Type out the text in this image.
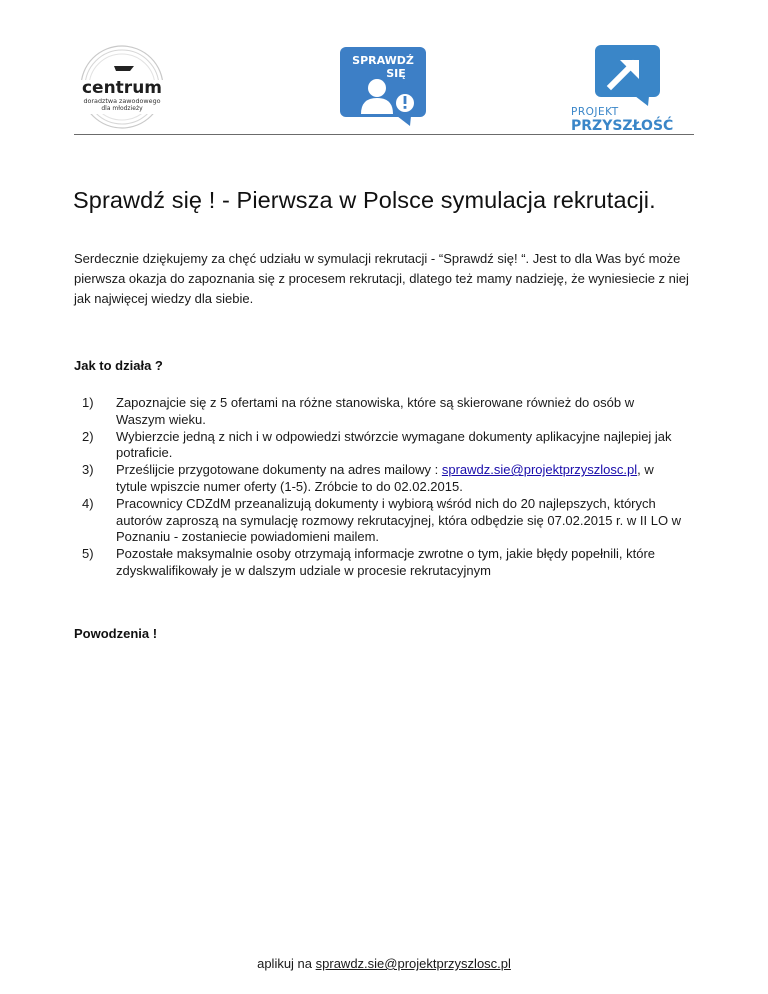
centrum
doradztwa zawodowego
dla młodzieży
SPRAWDŹ
SIĘ
PROJEKT
PRZYSZŁOŚĆ
Sprawdź się ! - Pierwsza w Polsce symulacja rekrutacji.

Serdecznie dziękujemy za chęć udziału w symulacji rekrutacji - “Sprawdź się! “. Jest to dla Was być może pierwsza okazja do zapoznania się z procesem rekrutacji, dlatego też mamy nadzieję, że wyniesiecie z niej jak najwięcej wiedzy dla siebie.

Jak to działa ?
1) Zapoznajcie się z 5 ofertami na różne stanowiska, które są skierowane również do osób w Waszym wieku.
2) Wybierzcie jedną z nich i w odpowiedzi stwórzcie wymagane dokumenty aplikacyjne najlepiej jak potraficie.
3) Prześlijcie przygotowane dokumenty na adres mailowy : sprawdz.sie@projektprzyszlosc.pl, w tytule wpiszcie numer oferty (1-5). Zróbcie to do 02.02.2015.
4) Pracownicy CDZdM przeanalizują dokumenty i wybiorą wśród nich do 20 najlepszych, których autorów zaproszą na symulację rozmowy rekrutacyjnej, która odbędzie się 07.02.2015 r. w II LO w Poznaniu - zostaniecie powiadomieni mailem.
5) Pozostałe maksymalnie osoby otrzymają informacje zwrotne o tym, jakie błędy popełnili, które zdyskwalifikowały je w dalszym udziale w procesie rekrutacyjnym
Powodzenia !

aplikuj na sprawdz.sie@projektprzyszlosc.pl
